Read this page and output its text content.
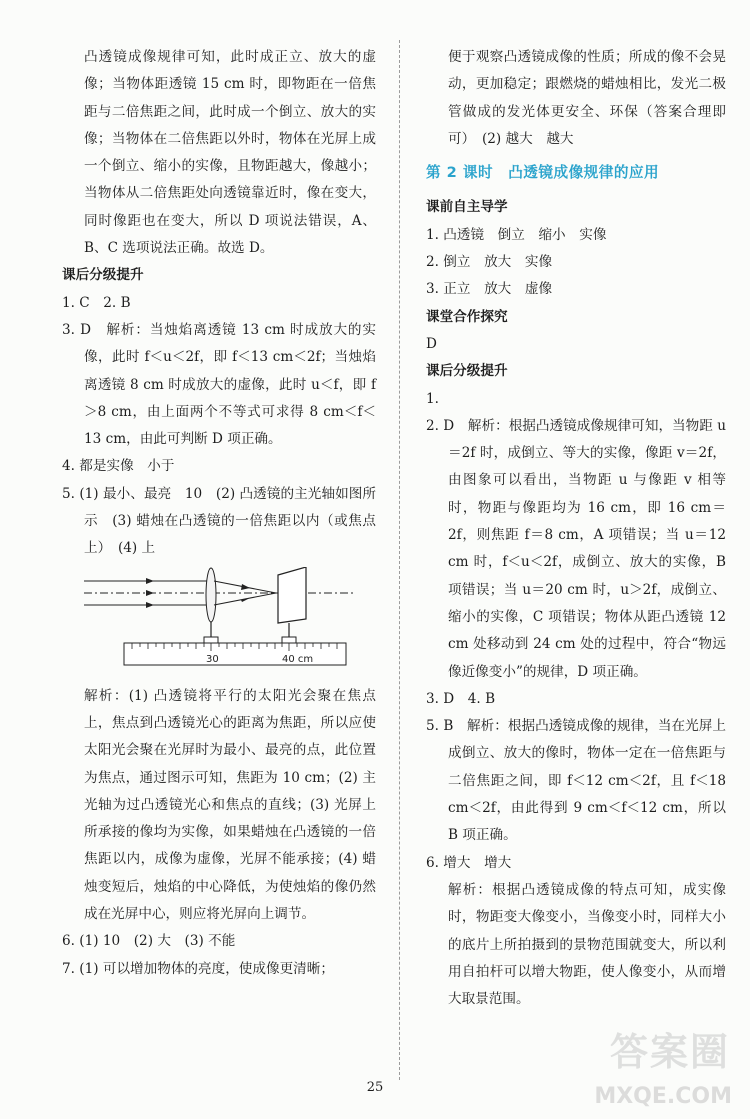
凸透镜成像规律可知，此时成正立、放大的虚像；当物体距透镜 15 cm 时，即物距在一倍焦距与二倍焦距之间，此时成一个倒立、放大的实像；当物体在二倍焦距以外时，物体在光屏上成一个倒立、缩小的实像，且物距越大，像越小；当物体从二倍焦距处向透镜靠近时，像在变大，同时像距也在变大，所以 D 项说法错误，A、B、C 选项说法正确。故选 D。

课后分级提升

1. C　2. B

3. D　解析：当烛焰离透镜 13 cm 时成放大的实像，此时 f＜u＜2f，即 f＜13 cm＜2f；当烛焰离透镜 8 cm 时成放大的虚像，此时 u＜f，即 f＞8 cm，由上面两个不等式可求得 8 cm＜f＜13 cm，由此可判断 D 项正确。

4. 都是实像　小于

5. (1) 最小、最亮　10　(2) 凸透镜的主光轴如图所示　(3) 蜡烛在凸透镜的一倍焦距以内（或焦点上）　(4) 上

30	40 cm

解析：(1) 凸透镜将平行的太阳光会聚在焦点上，焦点到凸透镜光心的距离为焦距，所以应使太阳光会聚在光屏时为最小、最亮的点，此位置为焦点，通过图示可知，焦距为 10 cm；(2) 主光轴为过凸透镜光心和焦点的直线；(3) 光屏上所承接的像均为实像，如果蜡烛在凸透镜的一倍焦距以内，成像为虚像，光屏不能承接；(4) 蜡烛变短后，烛焰的中心降低，为使烛焰的像仍然成在光屏中心，则应将光屏向上调节。

6. (1) 10　(2) 大　(3) 不能

7. (1) 可以增加物体的亮度，使成像更清晰；

便于观察凸透镜成像的性质；所成的像不会晃动，更加稳定；跟燃烧的蜡烛相比，发光二极管做成的发光体更安全、环保（答案合理即可）　(2) 越大　越大

第 2 课时　凸透镜成像规律的应用

课前自主导学

1. 凸透镜　倒立　缩小　实像

2. 倒立　放大　实像

3. 正立　放大　虚像

课堂合作探究

D

课后分级提升

1.

2. D　解析：根据凸透镜成像规律可知，当物距 u＝2f 时，成倒立、等大的实像，像距 v＝2f，由图象可以看出，当物距 u 与像距 v 相等时，物距与像距均为 16 cm，即 16 cm＝2f，则焦距 f＝8 cm，A 项错误；当 u＝12 cm 时，f＜u＜2f，成倒立、放大的实像，B 项错误；当 u＝20 cm 时，u＞2f，成倒立、缩小的实像，C 项错误；物体从距凸透镜 12 cm 处移动到 24 cm 处的过程中，符合“物远像近像变小”的规律，D 项正确。

3. D　4. B

5. B　解析：根据凸透镜成像的规律，当在光屏上成倒立、放大的像时，物体一定在一倍焦距与二倍焦距之间，即 f＜12 cm＜2f，且 f＜18 cm＜2f，由此得到 9 cm＜f＜12 cm，所以 B 项正确。

6. 增大　增大

解析：根据凸透镜成像的特点可知，成实像时，物距变大像变小，当像变小时，同样大小的底片上所拍摄到的景物范围就变大，所以利用自拍杆可以增大物距，使人像变小，从而增大取景范围。

25
答案圈
MXQE.COM
